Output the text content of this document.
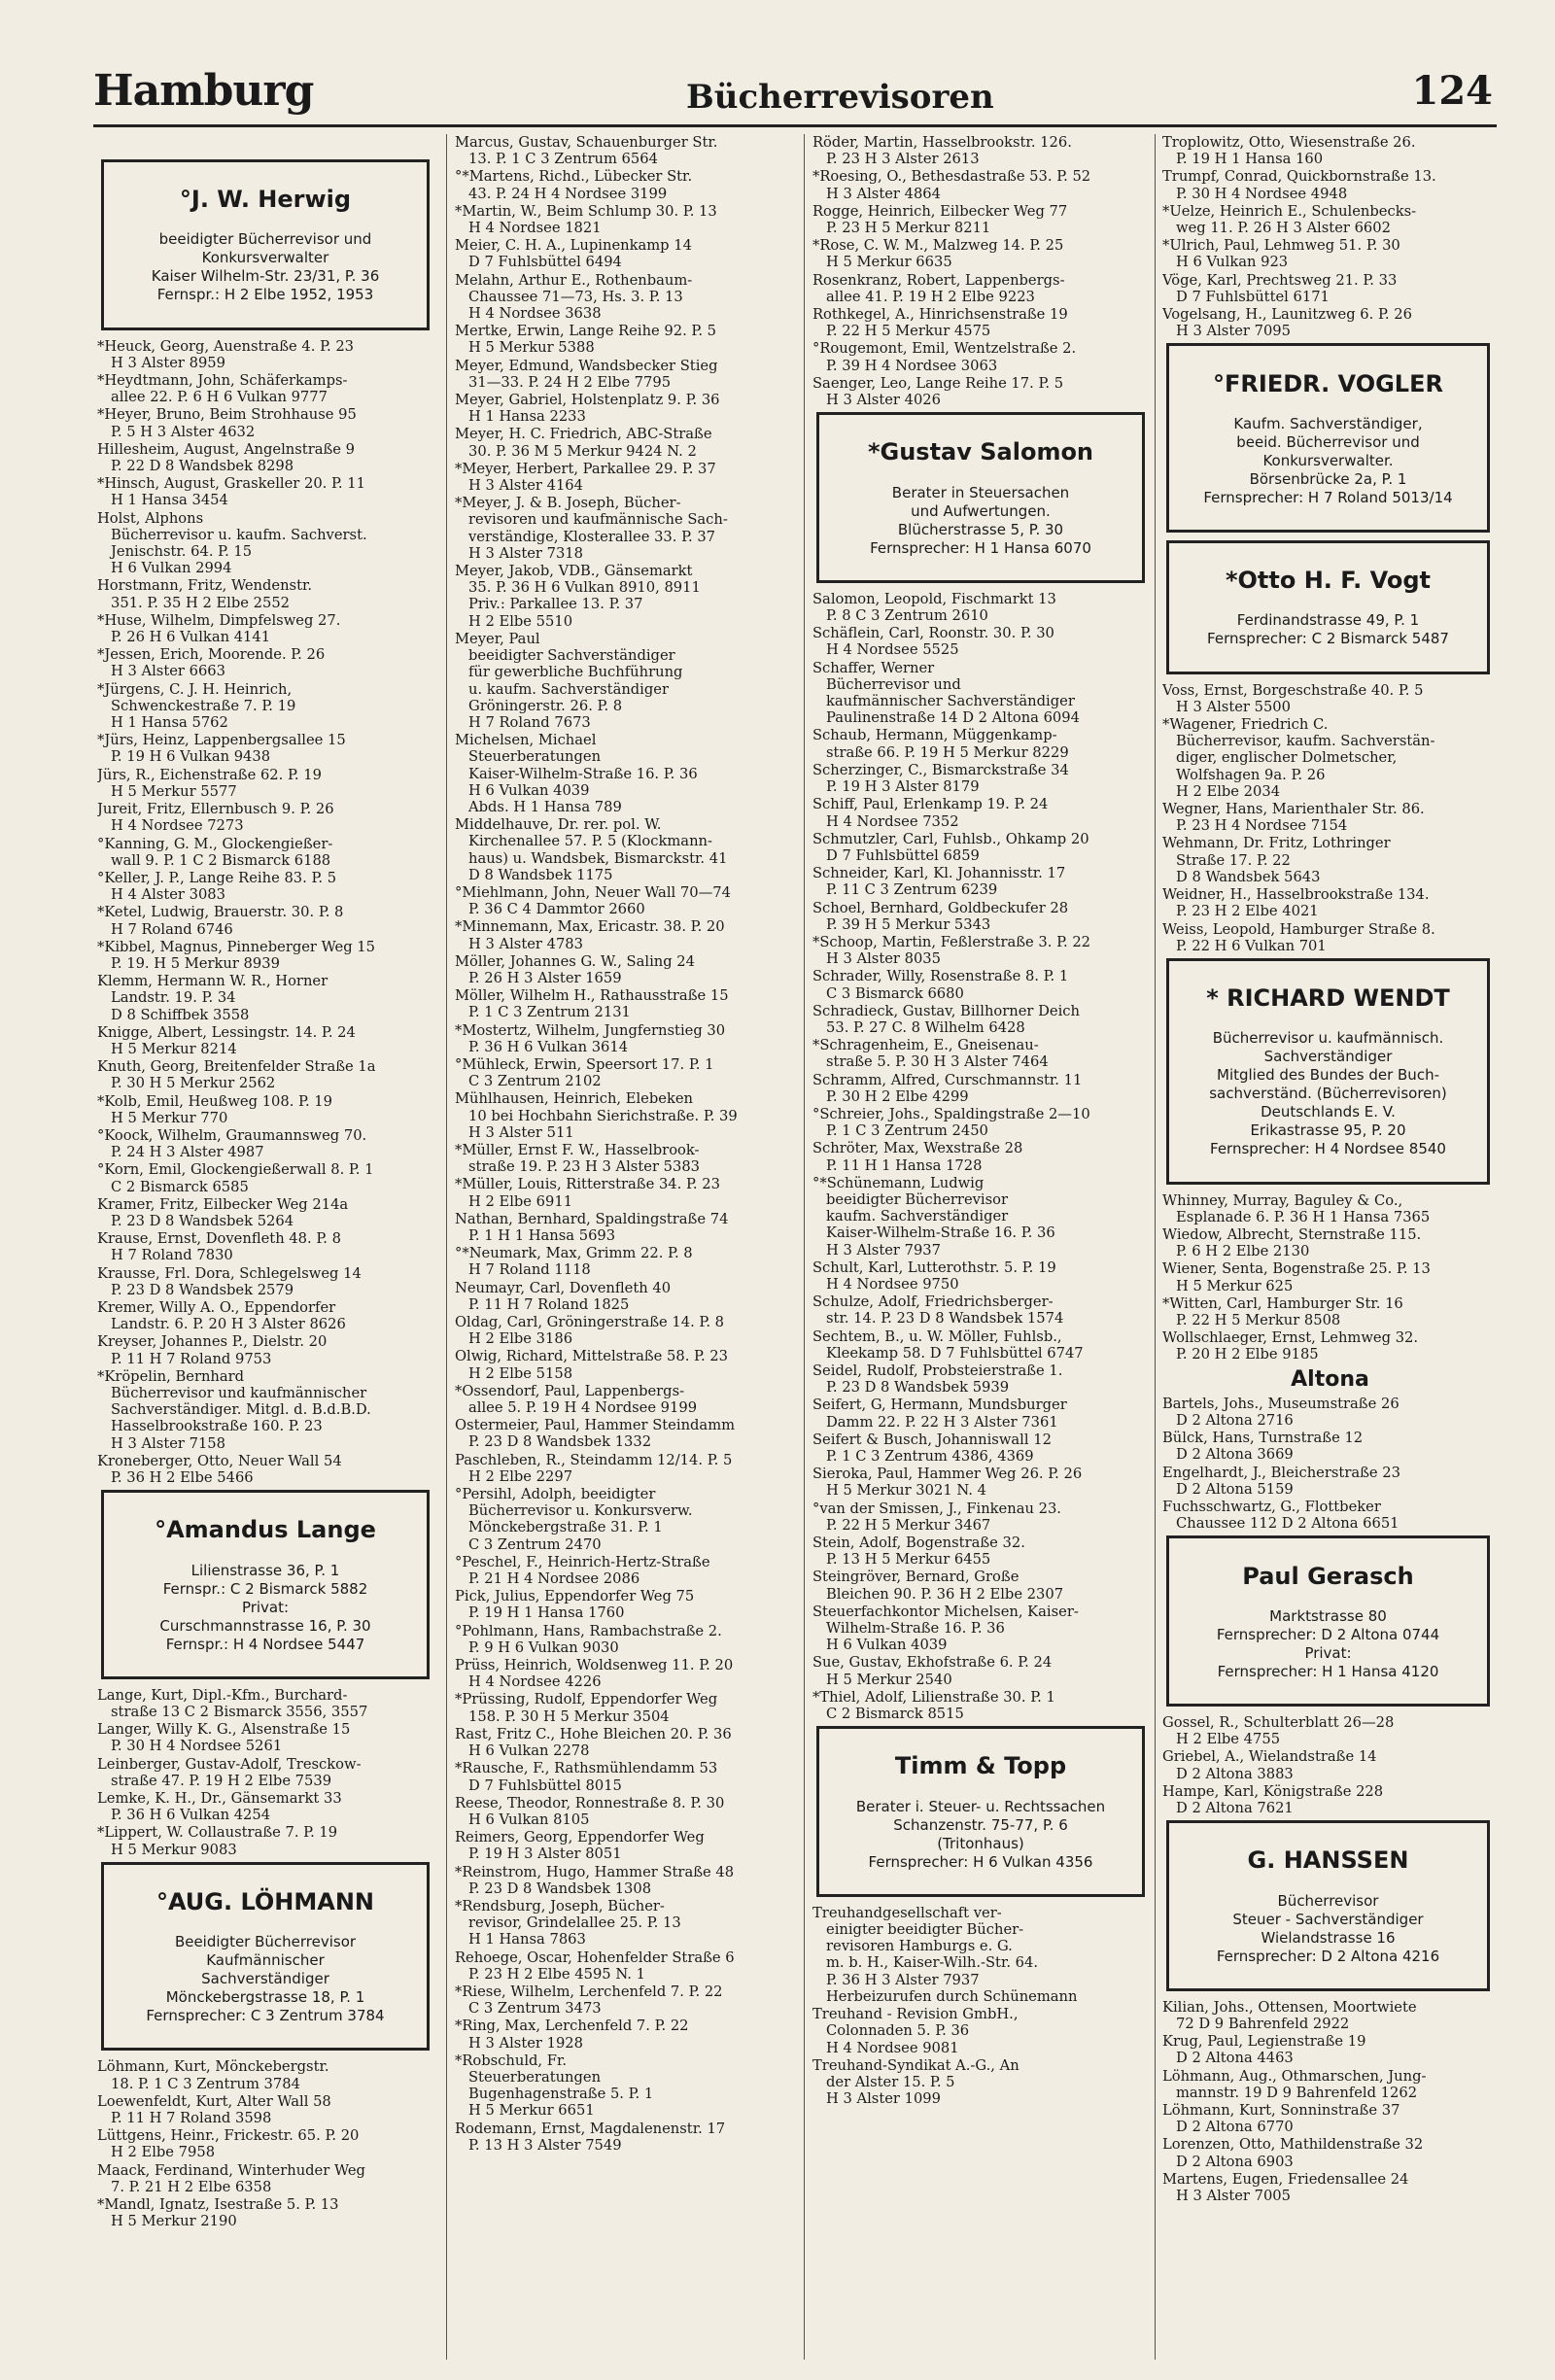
Hamburg	Bücherrevisoren	124

°J. W. Herwig

beeidigter Bücherrevisor und
Konkursverwalter
Kaiser Wilhelm-Str. 23/31, P. 36
Fernspr.: H 2 Elbe 1952, 1953

*Heuck, Georg, Auenstraße 4. P. 23
H 3 Alster 8959
*Heydtmann, John, Schäferkamps-
allee 22. P. 6 H 6 Vulkan 9777
*Heyer, Bruno, Beim Strohhause 95
P. 5 H 3 Alster 4632
Hillesheim, August, Angelnstraße 9
P. 22 D 8 Wandsbek 8298
*Hinsch, August, Graskeller 20. P. 11
H 1 Hansa 3454
Holst, Alphons
Bücherrevisor u. kaufm. Sachverst.
Jenischstr. 64. P. 15
H 6 Vulkan 2994
Horstmann, Fritz, Wendenstr.
351. P. 35 H 2 Elbe 2552
*Huse, Wilhelm, Dimpfelsweg 27.
P. 26 H 6 Vulkan 4141
*Jessen, Erich, Moorende. P. 26
H 3 Alster 6663
*Jürgens, C. J. H. Heinrich,
Schwenckestraße 7. P. 19
H 1 Hansa 5762
*Jürs, Heinz, Lappenbergsallee 15
P. 19 H 6 Vulkan 9438
Jürs, R., Eichenstraße 62. P. 19
H 5 Merkur 5577
Jureit, Fritz, Ellernbusch 9. P. 26
H 4 Nordsee 7273
°Kanning, G. M., Glockengießer-
wall 9. P. 1 C 2 Bismarck 6188
°Keller, J. P., Lange Reihe 83. P. 5
H 4 Alster 3083
*Ketel, Ludwig, Brauerstr. 30. P. 8
H 7 Roland 6746
*Kibbel, Magnus, Pinneberger Weg 15
P. 19. H 5 Merkur 8939
Klemm, Hermann W. R., Horner
Landstr. 19. P. 34
D 8 Schiffbek 3558
Knigge, Albert, Lessingstr. 14. P. 24
H 5 Merkur 8214
Knuth, Georg, Breitenfelder Straße 1a
P. 30 H 5 Merkur 2562
*Kolb, Emil, Heußweg 108. P. 19
H 5 Merkur 770
°Koock, Wilhelm, Graumannsweg 70.
P. 24 H 3 Alster 4987
°Korn, Emil, Glockengießerwall 8. P. 1
C 2 Bismarck 6585
Kramer, Fritz, Eilbecker Weg 214a
P. 23 D 8 Wandsbek 5264
Krause, Ernst, Dovenfleth 48. P. 8
H 7 Roland 7830
Krausse, Frl. Dora, Schlegelsweg 14
P. 23 D 8 Wandsbek 2579
Kremer, Willy A. O., Eppendorfer
Landstr. 6. P. 20 H 3 Alster 8626
Kreyser, Johannes P., Dielstr. 20
P. 11 H 7 Roland 9753
*Kröpelin, Bernhard
Bücherrevisor und kaufmännischer
Sachverständiger. Mitgl. d. B.d.B.D.
Hasselbrookstraße 160. P. 23
H 3 Alster 7158
Kroneberger, Otto, Neuer Wall 54
P. 36 H 2 Elbe 5466

°Amandus Lange

Lilienstrasse 36, P. 1
Fernspr.: C 2 Bismarck 5882
Privat:
Curschmannstrasse 16, P. 30
Fernspr.: H 4 Nordsee 5447

Lange, Kurt, Dipl.-Kfm., Burchard-
straße 13 C 2 Bismarck 3556, 3557
Langer, Willy K. G., Alsenstraße 15
P. 30 H 4 Nordsee 5261
Leinberger, Gustav-Adolf, Tresckow-
straße 47. P. 19 H 2 Elbe 7539
Lemke, K. H., Dr., Gänsemarkt 33
P. 36 H 6 Vulkan 4254
*Lippert, W. Collaustraße 7. P. 19
H 5 Merkur 9083

°AUG. LÖHMANN

Beeidigter Bücherrevisor
Kaufmännischer
Sachverständiger
Mönckebergstrasse 18, P. 1
Fernsprecher: C 3 Zentrum 3784

Löhmann, Kurt, Mönckebergstr.
18. P. 1 C 3 Zentrum 3784
Loewenfeldt, Kurt, Alter Wall 58
P. 11 H 7 Roland 3598
Lüttgens, Heinr., Frickestr. 65. P. 20
H 2 Elbe 7958
Maack, Ferdinand, Winterhuder Weg
7. P. 21 H 2 Elbe 6358
*Mandl, Ignatz, Isestraße 5. P. 13
H 5 Merkur 2190
Marcus, Gustav, Schauenburger Str.
13. P. 1 C 3 Zentrum 6564
°*Martens, Richd., Lübecker Str.
43. P. 24 H 4 Nordsee 3199
*Martin, W., Beim Schlump 30. P. 13
H 4 Nordsee 1821
Meier, C. H. A., Lupinenkamp 14
D 7 Fuhlsbüttel 6494
Melahn, Arthur E., Rothenbaum-
Chaussee 71—73, Hs. 3. P. 13
H 4 Nordsee 3638
Mertke, Erwin, Lange Reihe 92. P. 5
H 5 Merkur 5388
Meyer, Edmund, Wandsbecker Stieg
31—33. P. 24 H 2 Elbe 7795
Meyer, Gabriel, Holstenplatz 9. P. 36
H 1 Hansa 2233
Meyer, H. C. Friedrich, ABC-Straße
30. P. 36 M 5 Merkur 9424 N. 2
*Meyer, Herbert, Parkallee 29. P. 37
H 3 Alster 4164
*Meyer, J. & B. Joseph, Bücher-
revisoren und kaufmännische Sach-
verständige, Klosterallee 33. P. 37
H 3 Alster 7318
Meyer, Jakob, VDB., Gänsemarkt
35. P. 36 H 6 Vulkan 8910, 8911
Priv.: Parkallee 13. P. 37
H 2 Elbe 5510
Meyer, Paul
beeidigter Sachverständiger
für gewerbliche Buchführung
u. kaufm. Sachverständiger
Gröningerstr. 26. P. 8
H 7 Roland 7673
Michelsen, Michael
Steuerberatungen
Kaiser-Wilhelm-Straße 16. P. 36
H 6 Vulkan 4039
Abds. H 1 Hansa 789
Middelhauve, Dr. rer. pol. W.
Kirchenallee 57. P. 5 (Klockmann-
haus) u. Wandsbek, Bismarckstr. 41
D 8 Wandsbek 1175
°Miehlmann, John, Neuer Wall 70—74
P. 36 C 4 Dammtor 2660
*Minnemann, Max, Ericastr. 38. P. 20
H 3 Alster 4783
Möller, Johannes G. W., Saling 24
P. 26 H 3 Alster 1659
Möller, Wilhelm H., Rathausstraße 15
P. 1 C 3 Zentrum 2131
*Mostertz, Wilhelm, Jungfernstieg 30
P. 36 H 6 Vulkan 3614
°Mühleck, Erwin, Speersort 17. P. 1
C 3 Zentrum 2102
Mühlhausen, Heinrich, Elebeken
10 bei Hochbahn Sierichstraße. P. 39
H 3 Alster 511
*Müller, Ernst F. W., Hasselbrook-
straße 19. P. 23 H 3 Alster 5383
*Müller, Louis, Ritterstraße 34. P. 23
H 2 Elbe 6911
Nathan, Bernhard, Spaldingstraße 74
P. 1 H 1 Hansa 5693
°*Neumark, Max, Grimm 22. P. 8
H 7 Roland 1118
Neumayr, Carl, Dovenfleth 40
P. 11 H 7 Roland 1825
Oldag, Carl, Gröningerstraße 14. P. 8
H 2 Elbe 3186
Olwig, Richard, Mittelstraße 58. P. 23
H 2 Elbe 5158
*Ossendorf, Paul, Lappenbergs-
allee 5. P. 19 H 4 Nordsee 9199
Ostermeier, Paul, Hammer Steindamm
P. 23 D 8 Wandsbek 1332
Paschleben, R., Steindamm 12/14. P. 5
H 2 Elbe 2297
°Persihl, Adolph, beeidigter
Bücherrevisor u. Konkursverw.
Mönckebergstraße 31. P. 1
C 3 Zentrum 2470
°Peschel, F., Heinrich-Hertz-Straße
P. 21 H 4 Nordsee 2086
Pick, Julius, Eppendorfer Weg 75
P. 19 H 1 Hansa 1760
°Pohlmann, Hans, Rambachstraße 2.
P. 9 H 6 Vulkan 9030
Prüss, Heinrich, Woldsenweg 11. P. 20
H 4 Nordsee 4226
*Prüssing, Rudolf, Eppendorfer Weg
158. P. 30 H 5 Merkur 3504
Rast, Fritz C., Hohe Bleichen 20. P. 36
H 6 Vulkan 2278
*Rausche, F., Rathsmühlendamm 53
D 7 Fuhlsbüttel 8015
Reese, Theodor, Ronnestraße 8. P. 30
H 6 Vulkan 8105
Reimers, Georg, Eppendorfer Weg
P. 19 H 3 Alster 8051
*Reinstrom, Hugo, Hammer Straße 48
P. 23 D 8 Wandsbek 1308
*Rendsburg, Joseph, Bücher-
revisor, Grindelallee 25. P. 13
H 1 Hansa 7863
Rehoege, Oscar, Hohenfelder Straße 6
P. 23 H 2 Elbe 4595 N. 1
*Riese, Wilhelm, Lerchenfeld 7. P. 22
C 3 Zentrum 3473
*Ring, Max, Lerchenfeld 7. P. 22
H 3 Alster 1928
*Robschuld, Fr.
Steuerberatungen
Bugenhagenstraße 5. P. 1
H 5 Merkur 6651
Rodemann, Ernst, Magdalenenstr. 17
P. 13 H 3 Alster 7549
Röder, Martin, Hasselbrookstr. 126.
P. 23 H 3 Alster 2613
*Roesing, O., Bethesdastraße 53. P. 52
H 3 Alster 4864
Rogge, Heinrich, Eilbecker Weg 77
P. 23 H 5 Merkur 8211
*Rose, C. W. M., Malzweg 14. P. 25
H 5 Merkur 6635
Rosenkranz, Robert, Lappenbergs-
allee 41. P. 19 H 2 Elbe 9223
Rothkegel, A., Hinrichsenstraße 19
P. 22 H 5 Merkur 4575
°Rougemont, Emil, Wentzelstraße 2.
P. 39 H 4 Nordsee 3063
Saenger, Leo, Lange Reihe 17. P. 5
H 3 Alster 4026

*Gustav Salomon

Berater in Steuersachen
und Aufwertungen.
Blücherstrasse 5, P. 30
Fernsprecher: H 1 Hansa 6070

Salomon, Leopold, Fischmarkt 13
P. 8 C 3 Zentrum 2610
Schäflein, Carl, Roonstr. 30. P. 30
H 4 Nordsee 5525
Schaffer, Werner
Bücherrevisor und
kaufmännischer Sachverständiger
Paulinenstraße 14 D 2 Altona 6094
Schaub, Hermann, Müggenkamp-
straße 66. P. 19 H 5 Merkur 8229
Scherzinger, C., Bismarckstraße 34
P. 19 H 3 Alster 8179
Schiff, Paul, Erlenkamp 19. P. 24
H 4 Nordsee 7352
Schmutzler, Carl, Fuhlsb., Ohkamp 20
D 7 Fuhlsbüttel 6859
Schneider, Karl, Kl. Johannisstr. 17
P. 11 C 3 Zentrum 6239
Schoel, Bernhard, Goldbeckufer 28
P. 39 H 5 Merkur 5343
*Schoop, Martin, Feßlerstraße 3. P. 22
H 3 Alster 8035
Schrader, Willy, Rosenstraße 8. P. 1
C 3 Bismarck 6680
Schradieck, Gustav, Billhorner Deich
53. P. 27 C. 8 Wilhelm 6428
*Schragenheim, E., Gneisenau-
straße 5. P. 30 H 3 Alster 7464
Schramm, Alfred, Curschmannstr. 11
P. 30 H 2 Elbe 4299
°Schreier, Johs., Spaldingstraße 2—10
P. 1 C 3 Zentrum 2450
Schröter, Max, Wexstraße 28
P. 11 H 1 Hansa 1728
°*Schünemann, Ludwig
beeidigter Bücherrevisor
kaufm. Sachverständiger
Kaiser-Wilhelm-Straße 16. P. 36
H 3 Alster 7937
Schult, Karl, Lutterothstr. 5. P. 19
H 4 Nordsee 9750
Schulze, Adolf, Friedrichsberger-
str. 14. P. 23 D 8 Wandsbek 1574
Sechtem, B., u. W. Möller, Fuhlsb.,
Kleekamp 58. D 7 Fuhlsbüttel 6747
Seidel, Rudolf, Probsteierstraße 1.
P. 23 D 8 Wandsbek 5939
Seifert, G, Hermann, Mundsburger
Damm 22. P. 22 H 3 Alster 7361
Seifert & Busch, Johanniswall 12
P. 1 C 3 Zentrum 4386, 4369
Sieroka, Paul, Hammer Weg 26. P. 26
H 5 Merkur 3021 N. 4
°van der Smissen, J., Finkenau 23.
P. 22 H 5 Merkur 3467
Stein, Adolf, Bogenstraße 32.
P. 13 H 5 Merkur 6455
Steingröver, Bernard, Große
Bleichen 90. P. 36 H 2 Elbe 2307
Steuerfachkontor Michelsen, Kaiser-
Wilhelm-Straße 16. P. 36
H 6 Vulkan 4039
Sue, Gustav, Ekhofstraße 6. P. 24
H 5 Merkur 2540
*Thiel, Adolf, Lilienstraße 30. P. 1
C 2 Bismarck 8515

Timm & Topp

Berater i. Steuer- u. Rechtssachen
Schanzenstr. 75-77, P. 6
(Tritonhaus)
Fernsprecher: H 6 Vulkan 4356

Treuhandgesellschaft ver-
einigter beeidigter Bücher-
revisoren Hamburgs e. G.
m. b. H., Kaiser-Wilh.-Str. 64.
P. 36 H 3 Alster 7937
Herbeizurufen durch Schünemann
Treuhand - Revision GmbH.,
Colonnaden 5. P. 36
H 4 Nordsee 9081
Treuhand-Syndikat A.-G., An
der Alster 15. P. 5
H 3 Alster 1099
Troplowitz, Otto, Wiesenstraße 26.
P. 19 H 1 Hansa 160
Trumpf, Conrad, Quickbornstraße 13.
P. 30 H 4 Nordsee 4948
*Uelze, Heinrich E., Schulenbecks-
weg 11. P. 26 H 3 Alster 6602
*Ulrich, Paul, Lehmweg 51. P. 30
H 6 Vulkan 923
Vöge, Karl, Prechtsweg 21. P. 33
D 7 Fuhlsbüttel 6171
Vogelsang, H., Launitzweg 6. P. 26
H 3 Alster 7095

°FRIEDR. VOGLER

Kaufm. Sachverständiger,
beeid. Bücherrevisor und
Konkursverwalter.
Börsenbrücke 2a, P. 1
Fernsprecher: H 7 Roland 5013/14

*Otto H. F. Vogt

Ferdinandstrasse 49, P. 1
Fernsprecher: C 2 Bismarck 5487

Voss, Ernst, Borgeschstraße 40. P. 5
H 3 Alster 5500
*Wagener, Friedrich C.
Bücherrevisor, kaufm. Sachverstän-
diger, englischer Dolmetscher,
Wolfshagen 9a. P. 26
H 2 Elbe 2034
Wegner, Hans, Marienthaler Str. 86.
P. 23 H 4 Nordsee 7154
Wehmann, Dr. Fritz, Lothringer
Straße 17. P. 22
D 8 Wandsbek 5643
Weidner, H., Hasselbrookstraße 134.
P. 23 H 2 Elbe 4021
Weiss, Leopold, Hamburger Straße 8.
P. 22 H 6 Vulkan 701

* RICHARD WENDT

Bücherrevisor u. kaufmännisch.
Sachverständiger
Mitglied des Bundes der Buch-
sachverständ. (Bücherrevisoren)
Deutschlands E. V.
Erikastrasse 95, P. 20
Fernsprecher: H 4 Nordsee 8540

Whinney, Murray, Baguley & Co.,
Esplanade 6. P. 36 H 1 Hansa 7365
Wiedow, Albrecht, Sternstraße 115.
P. 6 H 2 Elbe 2130
Wiener, Senta, Bogenstraße 25. P. 13
H 5 Merkur 625
*Witten, Carl, Hamburger Str. 16
P. 22 H 5 Merkur 8508
Wollschlaeger, Ernst, Lehmweg 32.
P. 20 H 2 Elbe 9185
Altona
Bartels, Johs., Museumstraße 26
D 2 Altona 2716
Bülck, Hans, Turnstraße 12
D 2 Altona 3669
Engelhardt, J., Bleicherstraße 23
D 2 Altona 5159
Fuchsschwartz, G., Flottbeker
Chaussee 112 D 2 Altona 6651

Paul Gerasch

Marktstrasse 80
Fernsprecher: D 2 Altona 0744
Privat:
Fernsprecher: H 1 Hansa 4120

Gossel, R., Schulterblatt 26—28
H 2 Elbe 4755
Griebel, A., Wielandstraße 14
D 2 Altona 3883
Hampe, Karl, Königstraße 228
D 2 Altona 7621

G. HANSSEN

Bücherrevisor
Steuer - Sachverständiger
Wielandstrasse 16
Fernsprecher: D 2 Altona 4216

Kilian, Johs., Ottensen, Moortwiete
72 D 9 Bahrenfeld 2922
Krug, Paul, Legienstraße 19
D 2 Altona 4463
Löhmann, Aug., Othmarschen, Jung-
mannstr. 19 D 9 Bahrenfeld 1262
Löhmann, Kurt, Sonninstraße 37
D 2 Altona 6770
Lorenzen, Otto, Mathildenstraße 32
D 2 Altona 6903
Martens, Eugen, Friedensallee 24
H 3 Alster 7005
